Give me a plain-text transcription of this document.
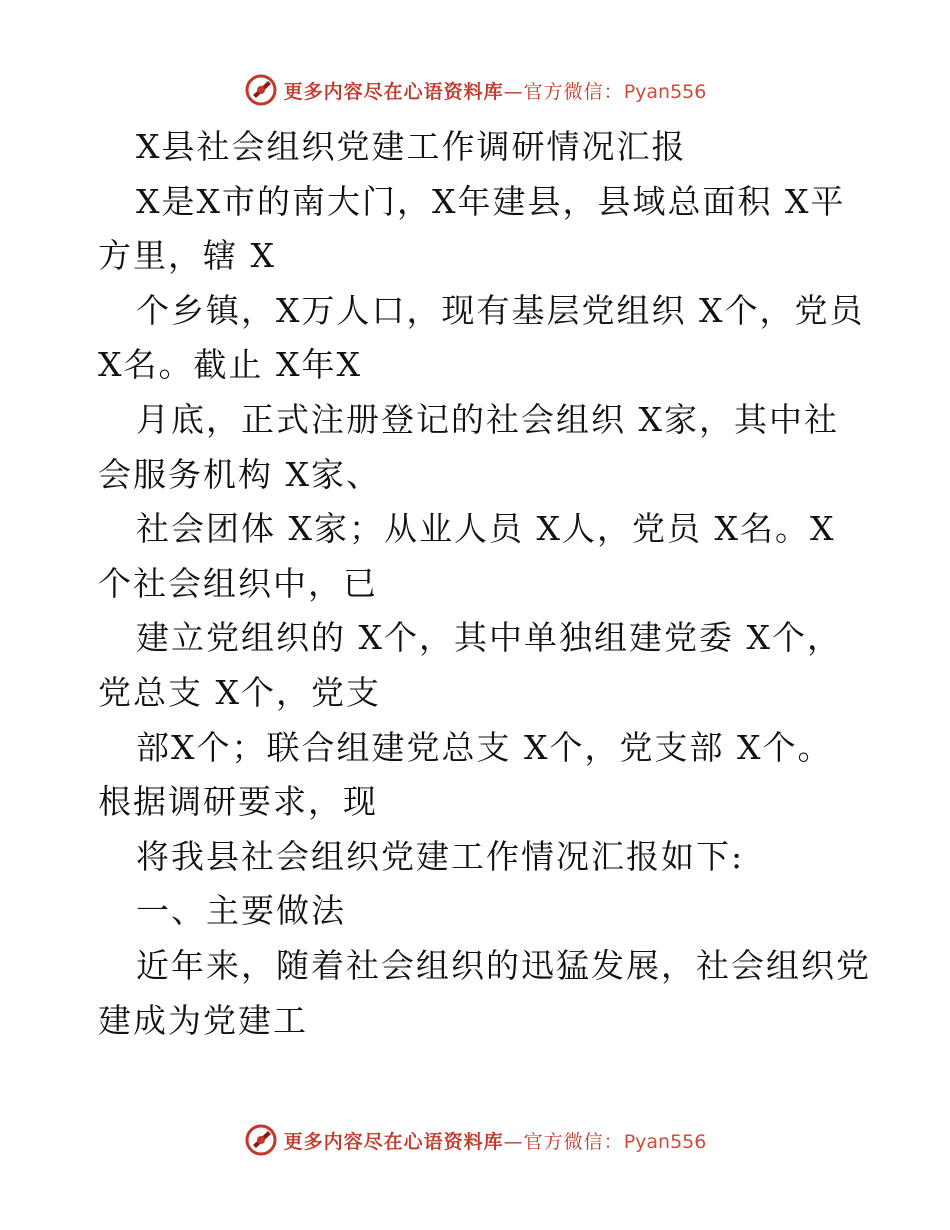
更多内容尽在心语资料库—官方微信：Pyan556
X县社会组织党建工作调研情况汇报
X是X市的南大门，X年建县，县域总面积 X平
方里，辖 X
个乡镇，X万人口，现有基层党组织 X个，党员
X名。截止 X年X
月底，正式注册登记的社会组织 X家，其中社
会服务机构 X家、
社会团体 X家；从业人员 X人，党员 X名。X
个社会组织中，已
建立党组织的 X个，其中单独组建党委 X个，
党总支 X个，党支
部X个；联合组建党总支 X个，党支部 X个。
根据调研要求，现
将我县社会组织党建工作情况汇报如下:
一、主要做法
近年来，随着社会组织的迅猛发展，社会组织党
建成为党建工
更多内容尽在心语资料库—官方微信：Pyan556
